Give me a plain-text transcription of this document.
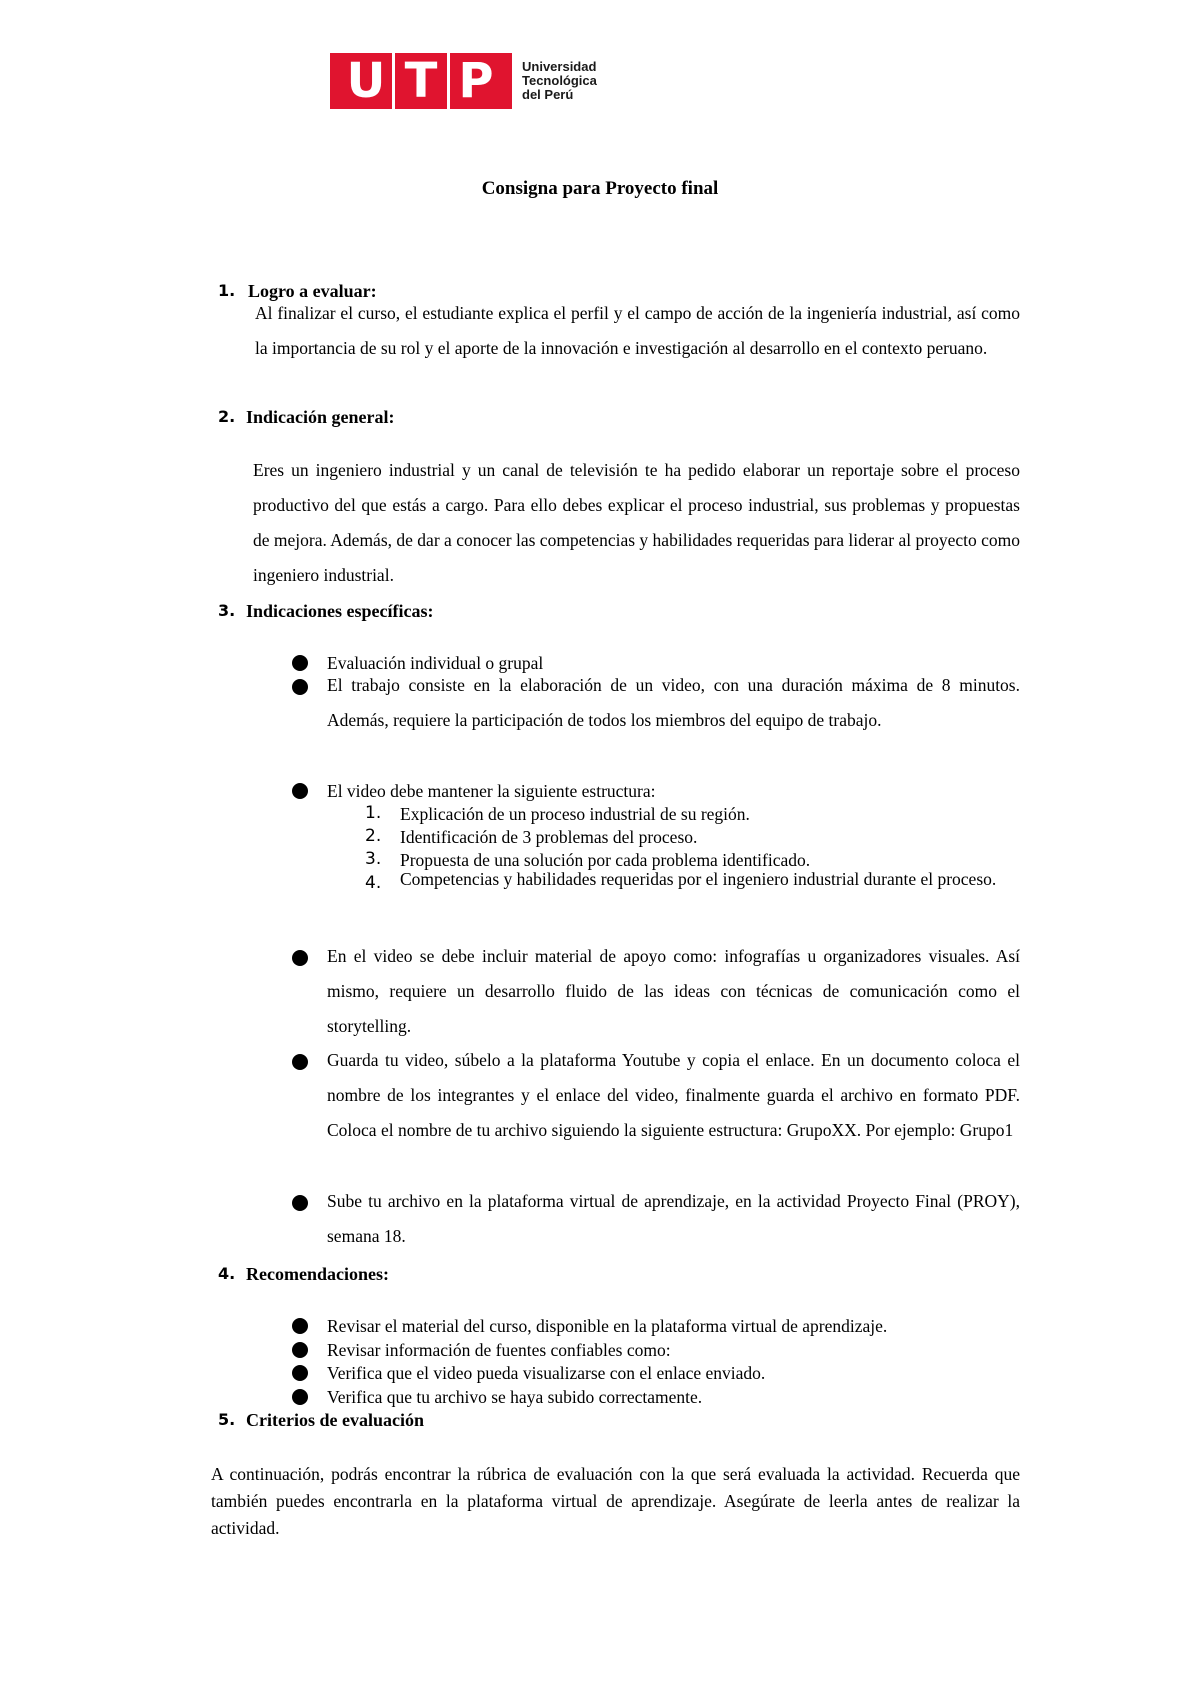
U T P	Universidad
Tecnológica
del Perú
Consigna para Proyecto final
1. Logro a evaluar:
Al finalizar el curso, el estudiante explica el perfil y el campo de acción de la ingeniería industrial, así como la importancia de su rol y el aporte de la innovación e investigación al desarrollo en el contexto peruano.
2. Indicación general:
Eres un ingeniero industrial y un canal de televisión te ha pedido elaborar un reportaje sobre el proceso productivo del que estás a cargo. Para ello debes explicar el proceso industrial, sus problemas y propuestas de mejora. Además, de dar a conocer las competencias y habilidades requeridas para liderar al proyecto como ingeniero industrial.
3. Indicaciones específicas:
Evaluación individual o grupal
El trabajo consiste en la elaboración de un video, con una duración máxima de 8 minutos. Además, requiere la participación de todos los miembros del equipo de trabajo.
El video debe mantener la siguiente estructura:
1. Explicación de un proceso industrial de su región.
2. Identificación de 3 problemas del proceso.
3. Propuesta de una solución por cada problema identificado.
4. Competencias y habilidades requeridas por el ingeniero industrial durante el proceso.
En el video se debe incluir material de apoyo como: infografías u organizadores visuales. Así mismo, requiere un desarrollo fluido de las ideas con técnicas de comunicación como el storytelling.
Guarda tu video, súbelo a la plataforma Youtube y copia el enlace. En un documento coloca el nombre de los integrantes y el enlace del video, finalmente guarda el archivo en formato PDF. Coloca el nombre de tu archivo siguiendo la siguiente estructura: GrupoXX. Por ejemplo: Grupo1
Sube tu archivo en la plataforma virtual de aprendizaje, en la actividad Proyecto Final (PROY), semana 18.
4. Recomendaciones:
Revisar el material del curso, disponible en la plataforma virtual de aprendizaje.
Revisar información de fuentes confiables como:
Verifica que el video pueda visualizarse con el enlace enviado.
Verifica que tu archivo se haya subido correctamente.
5. Criterios de evaluación
A continuación, podrás encontrar la rúbrica de evaluación con la que será evaluada la actividad. Recuerda que también puedes encontrarla en la plataforma virtual de aprendizaje. Asegúrate de leerla antes de realizar la actividad.
